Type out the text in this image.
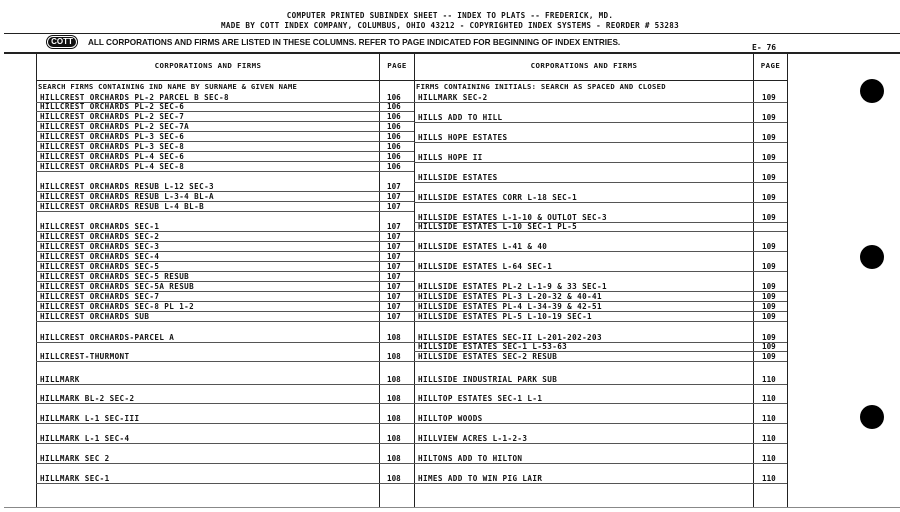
COMPUTER PRINTED SUBINDEX SHEET -- INDEX TO PLATS -- FREDERICK, MD.
MADE BY COTT INDEX COMPANY, COLUMBUS, OHIO 43212 - COPYRIGHTED INDEX SYSTEMS - REORDER # 53283
COTT	ALL CORPORATIONS AND FIRMS ARE LISTED IN THESE COLUMNS. REFER TO PAGE INDICATED FOR BEGINNING OF INDEX ENTRIES.
E- 76
CORPORATIONS AND FIRMS	PAGE	CORPORATIONS AND FIRMS	PAGE
SEARCH FIRMS CONTAINING IND NAME BY SURNAME & GIVEN NAME	FIRMS CONTAINING INITIALS: SEARCH AS SPACED AND CLOSED
HILLCREST ORCHARDS PL-2 PARCEL B SEC-8	106
HILLCREST ORCHARDS PL-2 SEC-6	106
HILLCREST ORCHARDS PL-2 SEC-7	106
HILLCREST ORCHARDS PL-2 SEC-7A	106
HILLCREST ORCHARDS PL-3 SEC-6	106
HILLCREST ORCHARDS PL-3 SEC-8	106
HILLCREST ORCHARDS PL-4 SEC-6	106
HILLCREST ORCHARDS PL-4 SEC-8	106
HILLCREST ORCHARDS RESUB L-12 SEC-3	107
HILLCREST ORCHARDS RESUB L-3-4 BL-A	107
HILLCREST ORCHARDS RESUB L-4 BL-B	107
HILLCREST ORCHARDS SEC-1	107
HILLCREST ORCHARDS SEC-2	107
HILLCREST ORCHARDS SEC-3	107
HILLCREST ORCHARDS SEC-4	107
HILLCREST ORCHARDS SEC-5	107
HILLCREST ORCHARDS SEC-5 RESUB	107
HILLCREST ORCHARDS SEC-5A RESUB	107
HILLCREST ORCHARDS SEC-7	107
HILLCREST ORCHARDS SEC-8 PL 1-2	107
HILLCREST ORCHARDS SUB	107
HILLCREST ORCHARDS-PARCEL A	108
HILLCREST-THURMONT	108
HILLMARK	108
HILLMARK BL-2 SEC-2	108
HILLMARK L-1 SEC-III	108
HILLMARK L-1 SEC-4	108
HILLMARK SEC 2	108
HILLMARK SEC-1	108
HILLMARK SEC-2	109
HILLS ADD TO HILL	109
HILLS HOPE ESTATES	109
HILLS HOPE II	109
HILLSIDE ESTATES	109
HILLSIDE ESTATES CORR L-18 SEC-1	109
HILLSIDE ESTATES L-1-10 & OUTLOT SEC-3	109
HILLSIDE ESTATES L-10 SEC-1 PL-5
HILLSIDE ESTATES L-41 & 40	109
HILLSIDE ESTATES L-64 SEC-1	109
HILLSIDE ESTATES PL-2 L-1-9 & 33 SEC-1	109
HILLSIDE ESTATES PL-3 L-20-32 & 40-41	109
HILLSIDE ESTATES PL-4 L-34-39 & 42-51	109
HILLSIDE ESTATES PL-5 L-10-19 SEC-1	109
HILLSIDE ESTATES SEC-II L-201-202-203	109
HILLSIDE ESTATES SEC-1 L-53-63	109
HILLSIDE ESTATES SEC-2 RESUB	109
HILLSIDE INDUSTRIAL PARK SUB	110
HILLTOP ESTATES SEC-1 L-1	110
HILLTOP WOODS	110
HILLVIEW ACRES L-1-2-3	110
HILTONS ADD TO HILTON	110
HIMES ADD TO WIN PIG LAIR	110
